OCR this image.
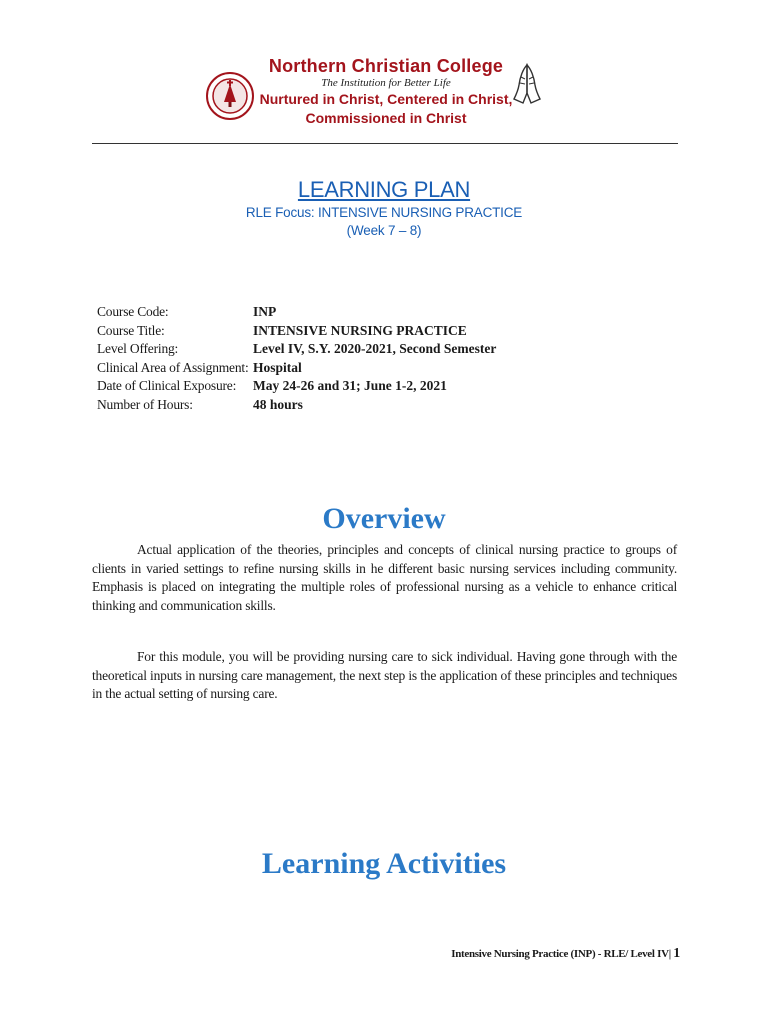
Northern Christian College
The Institution for Better Life
Nurtured in Christ, Centered in Christ,
Commissioned in Christ
LEARNING PLAN
RLE Focus: INTENSIVE NURSING PRACTICE
(Week 7 – 8)
Course Code:	INP
Course Title:	INTENSIVE NURSING PRACTICE
Level Offering:	Level IV, S.Y. 2020-2021, Second Semester
Clinical Area of Assignment:	Hospital
Date of Clinical Exposure:	May 24-26 and 31; June 1-2, 2021
Number of Hours:	48 hours
Overview

Actual application of the theories, principles and concepts of clinical nursing practice to groups of clients in varied settings to refine nursing skills in he different basic nursing services including community. Emphasis is placed on integrating the multiple roles of professional nursing as a vehicle to enhance critical thinking and communication skills.

For this module, you will be providing nursing care to sick individual. Having gone through with the theoretical inputs in nursing care management, the next step is the application of these principles and techniques in the actual setting of nursing care.

Learning Activities
Intensive Nursing Practice (INP) - RLE/ Level IV| 1
